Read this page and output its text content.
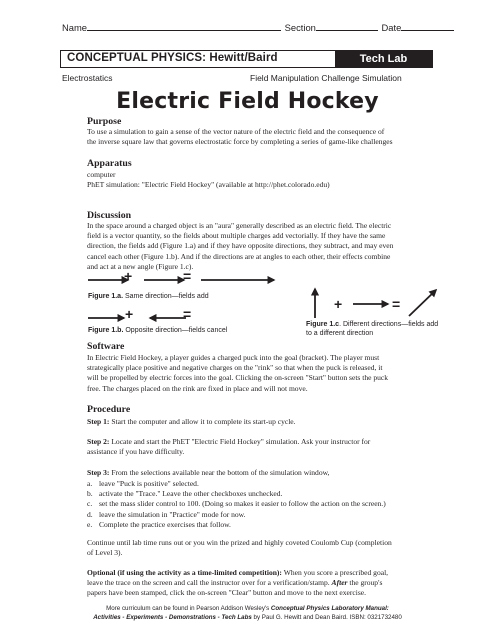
Name	Section	Date
CONCEPTUAL PHYSICS: Hewitt/Baird	Tech Lab
Electrostatics	Field Manipulation Challenge Simulation
Electric Field Hockey
Purpose
To use a simulation to gain a sense of the vector nature of the electric field and the consequence of
the inverse square law that governs electrostatic force by completing a series of game-like challenges
Apparatus
computer
PhET simulation: "Electric Field Hockey" (available at http://phet.colorado.edu)
Discussion
In the space around a charged object is an "aura" generally described as an electric field. The electric
field is a vector quantity, so the fields about multiple charges add vectorially. If they have the same
direction, the fields add (Figure 1.a) and if they have opposite directions, they subtract, and may even
cancel each other (Figure 1.b). And if the directions are at angles to each other, their effects combine
and act at a new angle (Figure 1.c).
+	=
Figure 1.a. Same direction—fields add
+	=
Figure 1.b. Opposite direction—fields cancel
+	=
Figure 1.c. Different directions—fields add
to a different direction
Software
In Electric Field Hockey, a player guides a charged puck into the goal (bracket). The player must
strategically place positive and negative charges on the "rink" so that when the puck is released, it
will be propelled by electric forces into the goal. Clicking the on-screen "Start" button sets the puck
free. The charges placed on the rink are fixed in place and will not move.
Procedure
Step 1: Start the computer and allow it to complete its start-up cycle.
Step 2: Locate and start the PhET "Electric Field Hockey" simulation. Ask your instructor for
assistance if you have difficulty.
Step 3: From the selections available near the bottom of the simulation window,
a. leave "Puck is positive" selected.
b. activate the "Trace." Leave the other checkboxes unchecked.
c. set the mass slider control to 100. (Doing so makes it easier to follow the action on the screen.)
d. leave the simulation in "Practice" mode for now.
e. Complete the practice exercises that follow.
Continue until lab time runs out or you win the prized and highly coveted Coulomb Cup (completion
of Level 3).
Optional (if using the activity as a time-limited competition): When you score a prescribed goal,
leave the trace on the screen and call the instructor over for a verification/stamp. After the group's
papers have been stamped, click the on-screen "Clear" button and move to the next exercise.
More curriculum can be found in Pearson Addison Wesley's Conceptual Physics Laboratory Manual:
Activities - Experiments - Demonstrations - Tech Labs by Paul G. Hewitt and Dean Baird. ISBN: 0321732480
